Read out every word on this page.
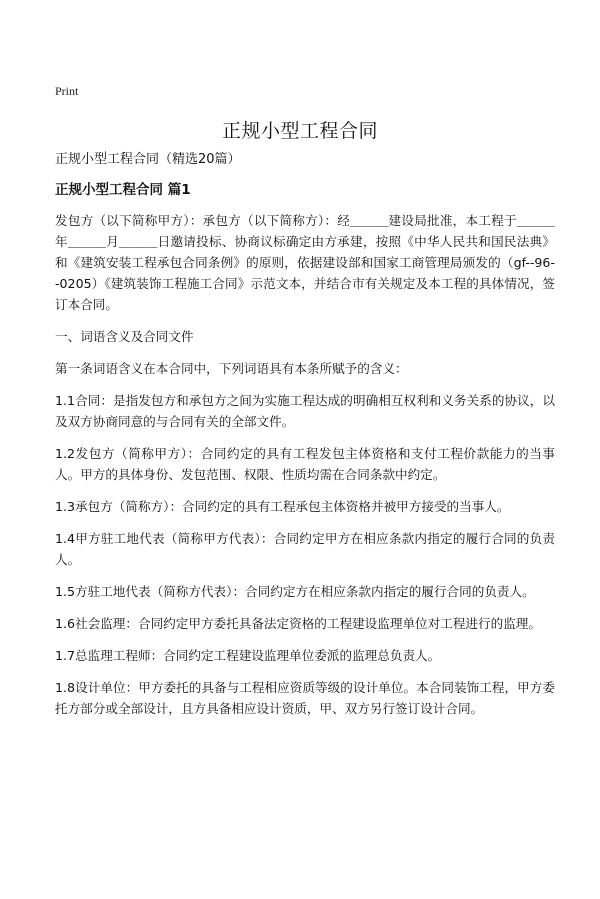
Print
正规小型工程合同

正规小型工程合同（精选20篇）

正规小型工程合同 篇1

发包方（以下简称甲方）：承包方（以下简称方）：经＿＿＿建设局批准，本工程于＿＿＿年＿＿＿月＿＿＿日邀请投标、协商议标确定由方承建，按照《中华人民共和国民法典》和《建筑安装工程承包合同条例》的原则，依据建设部和国家工商管理局颁发的（gf--96--0205）《建筑装饰工程施工合同》示范文本，并结合市有关规定及本工程的具体情况，签订本合同。

一、词语含义及合同文件

第一条词语含义在本合同中，下列词语具有本条所赋予的含义：

1.1合同：是指发包方和承包方之间为实施工程达成的明确相互权利和义务关系的协议，以及双方协商同意的与合同有关的全部文件。

1.2发包方（简称甲方）：合同约定的具有工程发包主体资格和支付工程价款能力的当事人。甲方的具体身份、发包范围、权限、性质均需在合同条款中约定。

1.3承包方（简称方）：合同约定的具有工程承包主体资格并被甲方接受的当事人。

1.4甲方驻工地代表（简称甲方代表）：合同约定甲方在相应条款内指定的履行合同的负责人。

1.5方驻工地代表（简称方代表）：合同约定方在相应条款内指定的履行合同的负责人。

1.6社会监理：合同约定甲方委托具备法定资格的工程建设监理单位对工程进行的监理。

1.7总监理工程师：合同约定工程建设监理单位委派的监理总负责人。

1.8设计单位：甲方委托的具备与工程相应资质等级的设计单位。本合同装饰工程，甲方委托方部分或全部设计，且方具备相应设计资质，甲、双方另行签订设计合同。
